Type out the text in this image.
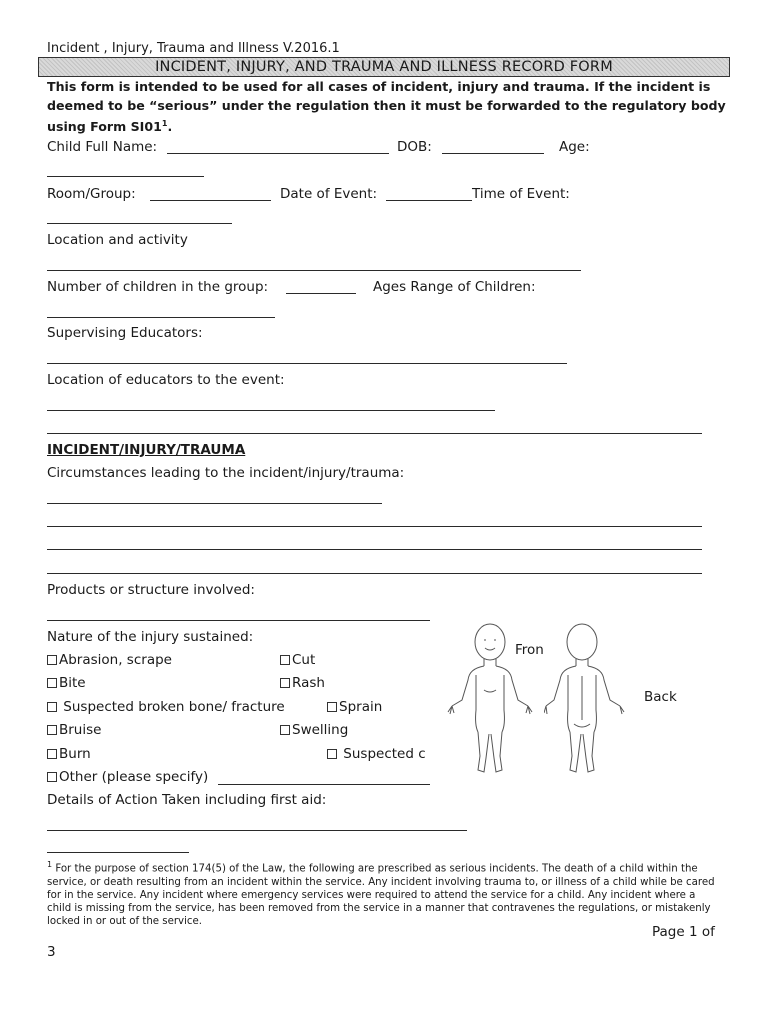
Incident , Injury, Trauma and Illness V.2016.1
INCIDENT, INJURY, AND TRAUMA AND ILLNESS RECORD FORM
This form is intended to be used for all cases of incident, injury and trauma. If the incident is deemed to be “serious” under the regulation then it must be forwarded to the regulatory body using Form $SI01^1$.
Child Full Name:	DOB:	Age:
Room/Group:	Date of Event:	Time of Event:
Location and activity
Number of children in the group:	Ages Range of Children:
Supervising Educators:
Location of educators to the event:
INCIDENT/INJURY/TRAUMA
Circumstances leading to the incident/injury/trauma:
Products or structure involved:
Nature of the injury sustained:
Abrasion, scrape	Cut
Bite	Rash
Suspected broken bone/ fracture	Sprain
Bruise	Swelling
Burn	Suspected c
Other (please specify)
Fron
Back
Details of Action Taken including first aid:
$^1$ For the purpose of section 174(5) of the Law, the following are prescribed as serious incidents. The death of a child within the service, or death resulting from an incident within the service. Any incident involving trauma to, or illness of a child while be cared for in the service. Any incident where emergency services were required to attend the service for a child. Any incident where a child is missing from the service, has been removed from the service in a manner that contravenes the regulations, or mistakenly locked in or out of the service.
Page 1 of
3
